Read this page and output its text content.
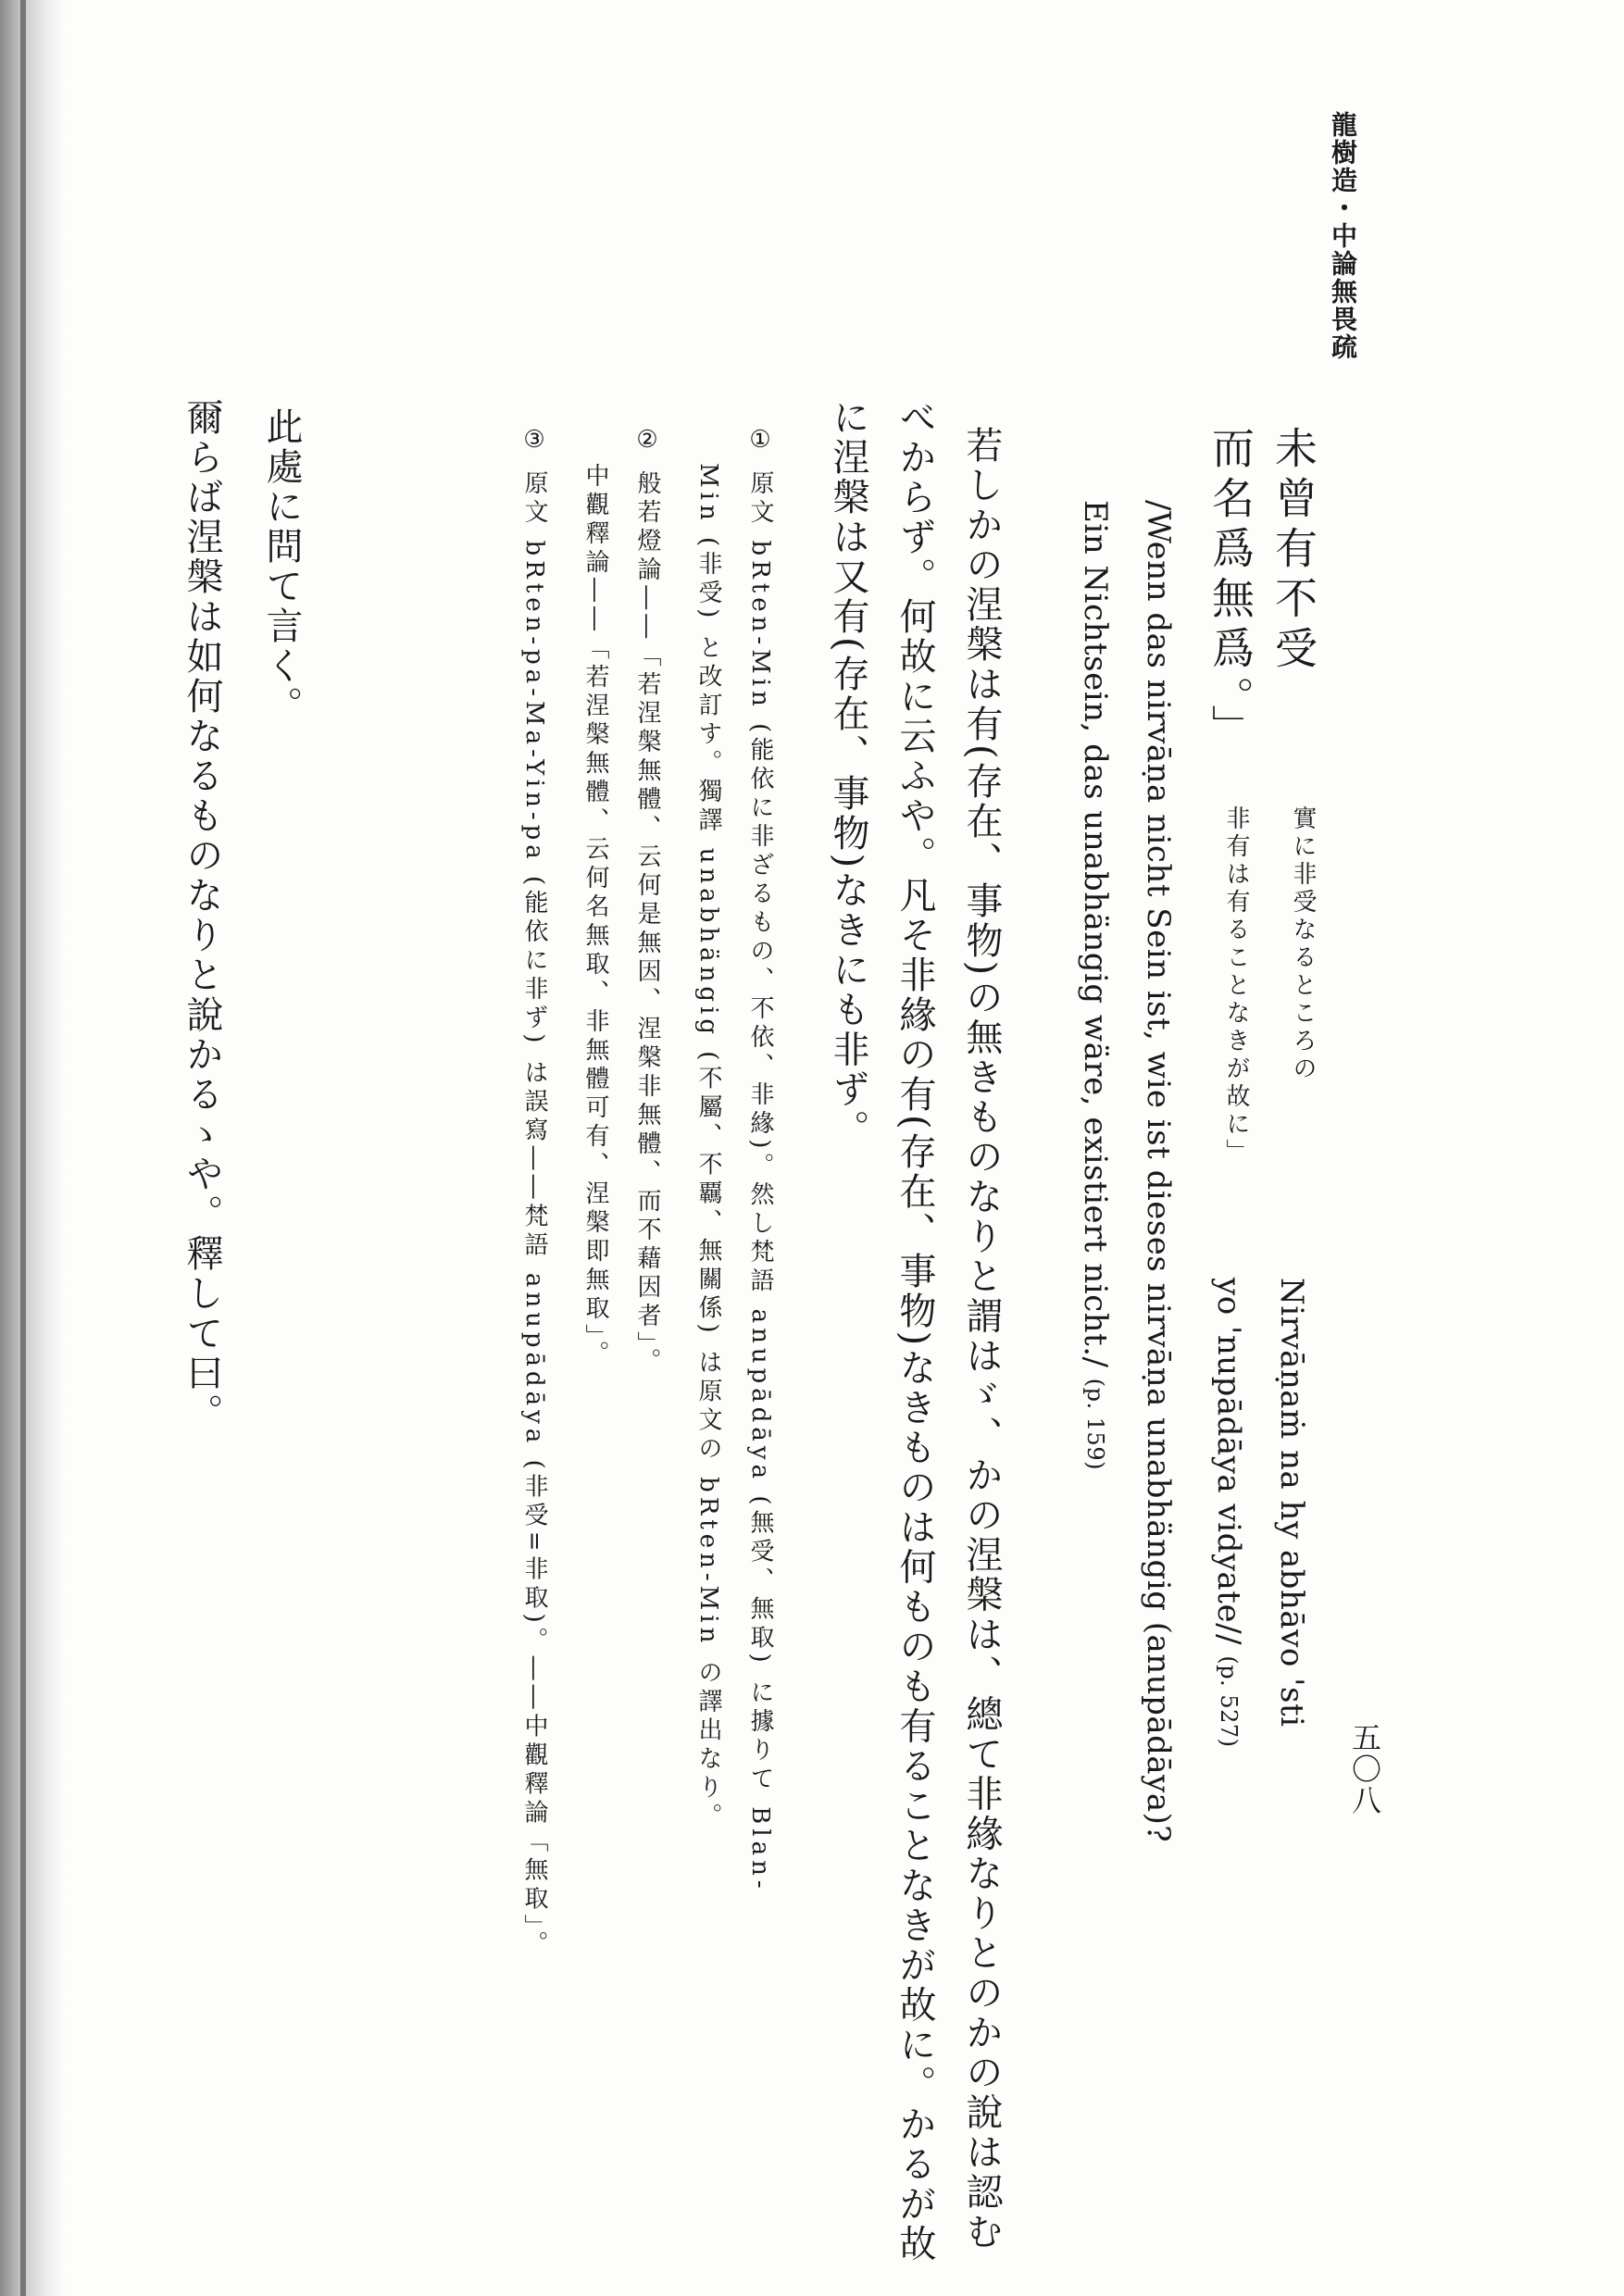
龍樹造・中論無畏疏
五〇八
未曾有不受
而名爲無爲。」
實に非受なるところの
非有は有ることなきが故に」
Nirvāṇaṁ na hy abhāvo 'sti
yo 'nupādāya vidyate// (p. 527)
/Wenn das nirvāṇa nicht Sein ist, wie ist dieses nirvāṇa unabhängig (anupādāya)?
Ein Nichtsein, das unabhängig wäre, existiert nicht./ (p. 159)
若しかの涅槃は有(存在、事物)の無きものなりと謂はゞ、かの涅槃は、總て非緣なりとのかの說は認む
べからず。何故に云ふや。凡そ非緣の有(存在、事物)なきものは何ものも有ることなきが故に。かるが故
に涅槃は又有(存在、事物)なきにも非ず。
① 原文 bRten-Min (能依に非ざるもの、不依、非緣)。然し梵語 anupādāya (無受、無取) に據りて Blan-
Min (非受) と改訂す。獨譯 unabhängig (不屬、不覊、無關係) は原文の bRten-Min の譯出なり。
② 般若燈論――「若涅槃無體、云何是無因、涅槃非無體、而不藉因者」。
中觀釋論――「若涅槃無體、云何名無取、非無體可有、涅槃即無取」。
③ 原文 bRten-pa-Ma-Yin-pa (能依に非ず) は誤寫――梵語 anupādāya (非受=非取)。――中觀釋論「無取」。
此處に問て言く。
爾らば涅槃は如何なるものなりと說かるゝや。釋して曰。
